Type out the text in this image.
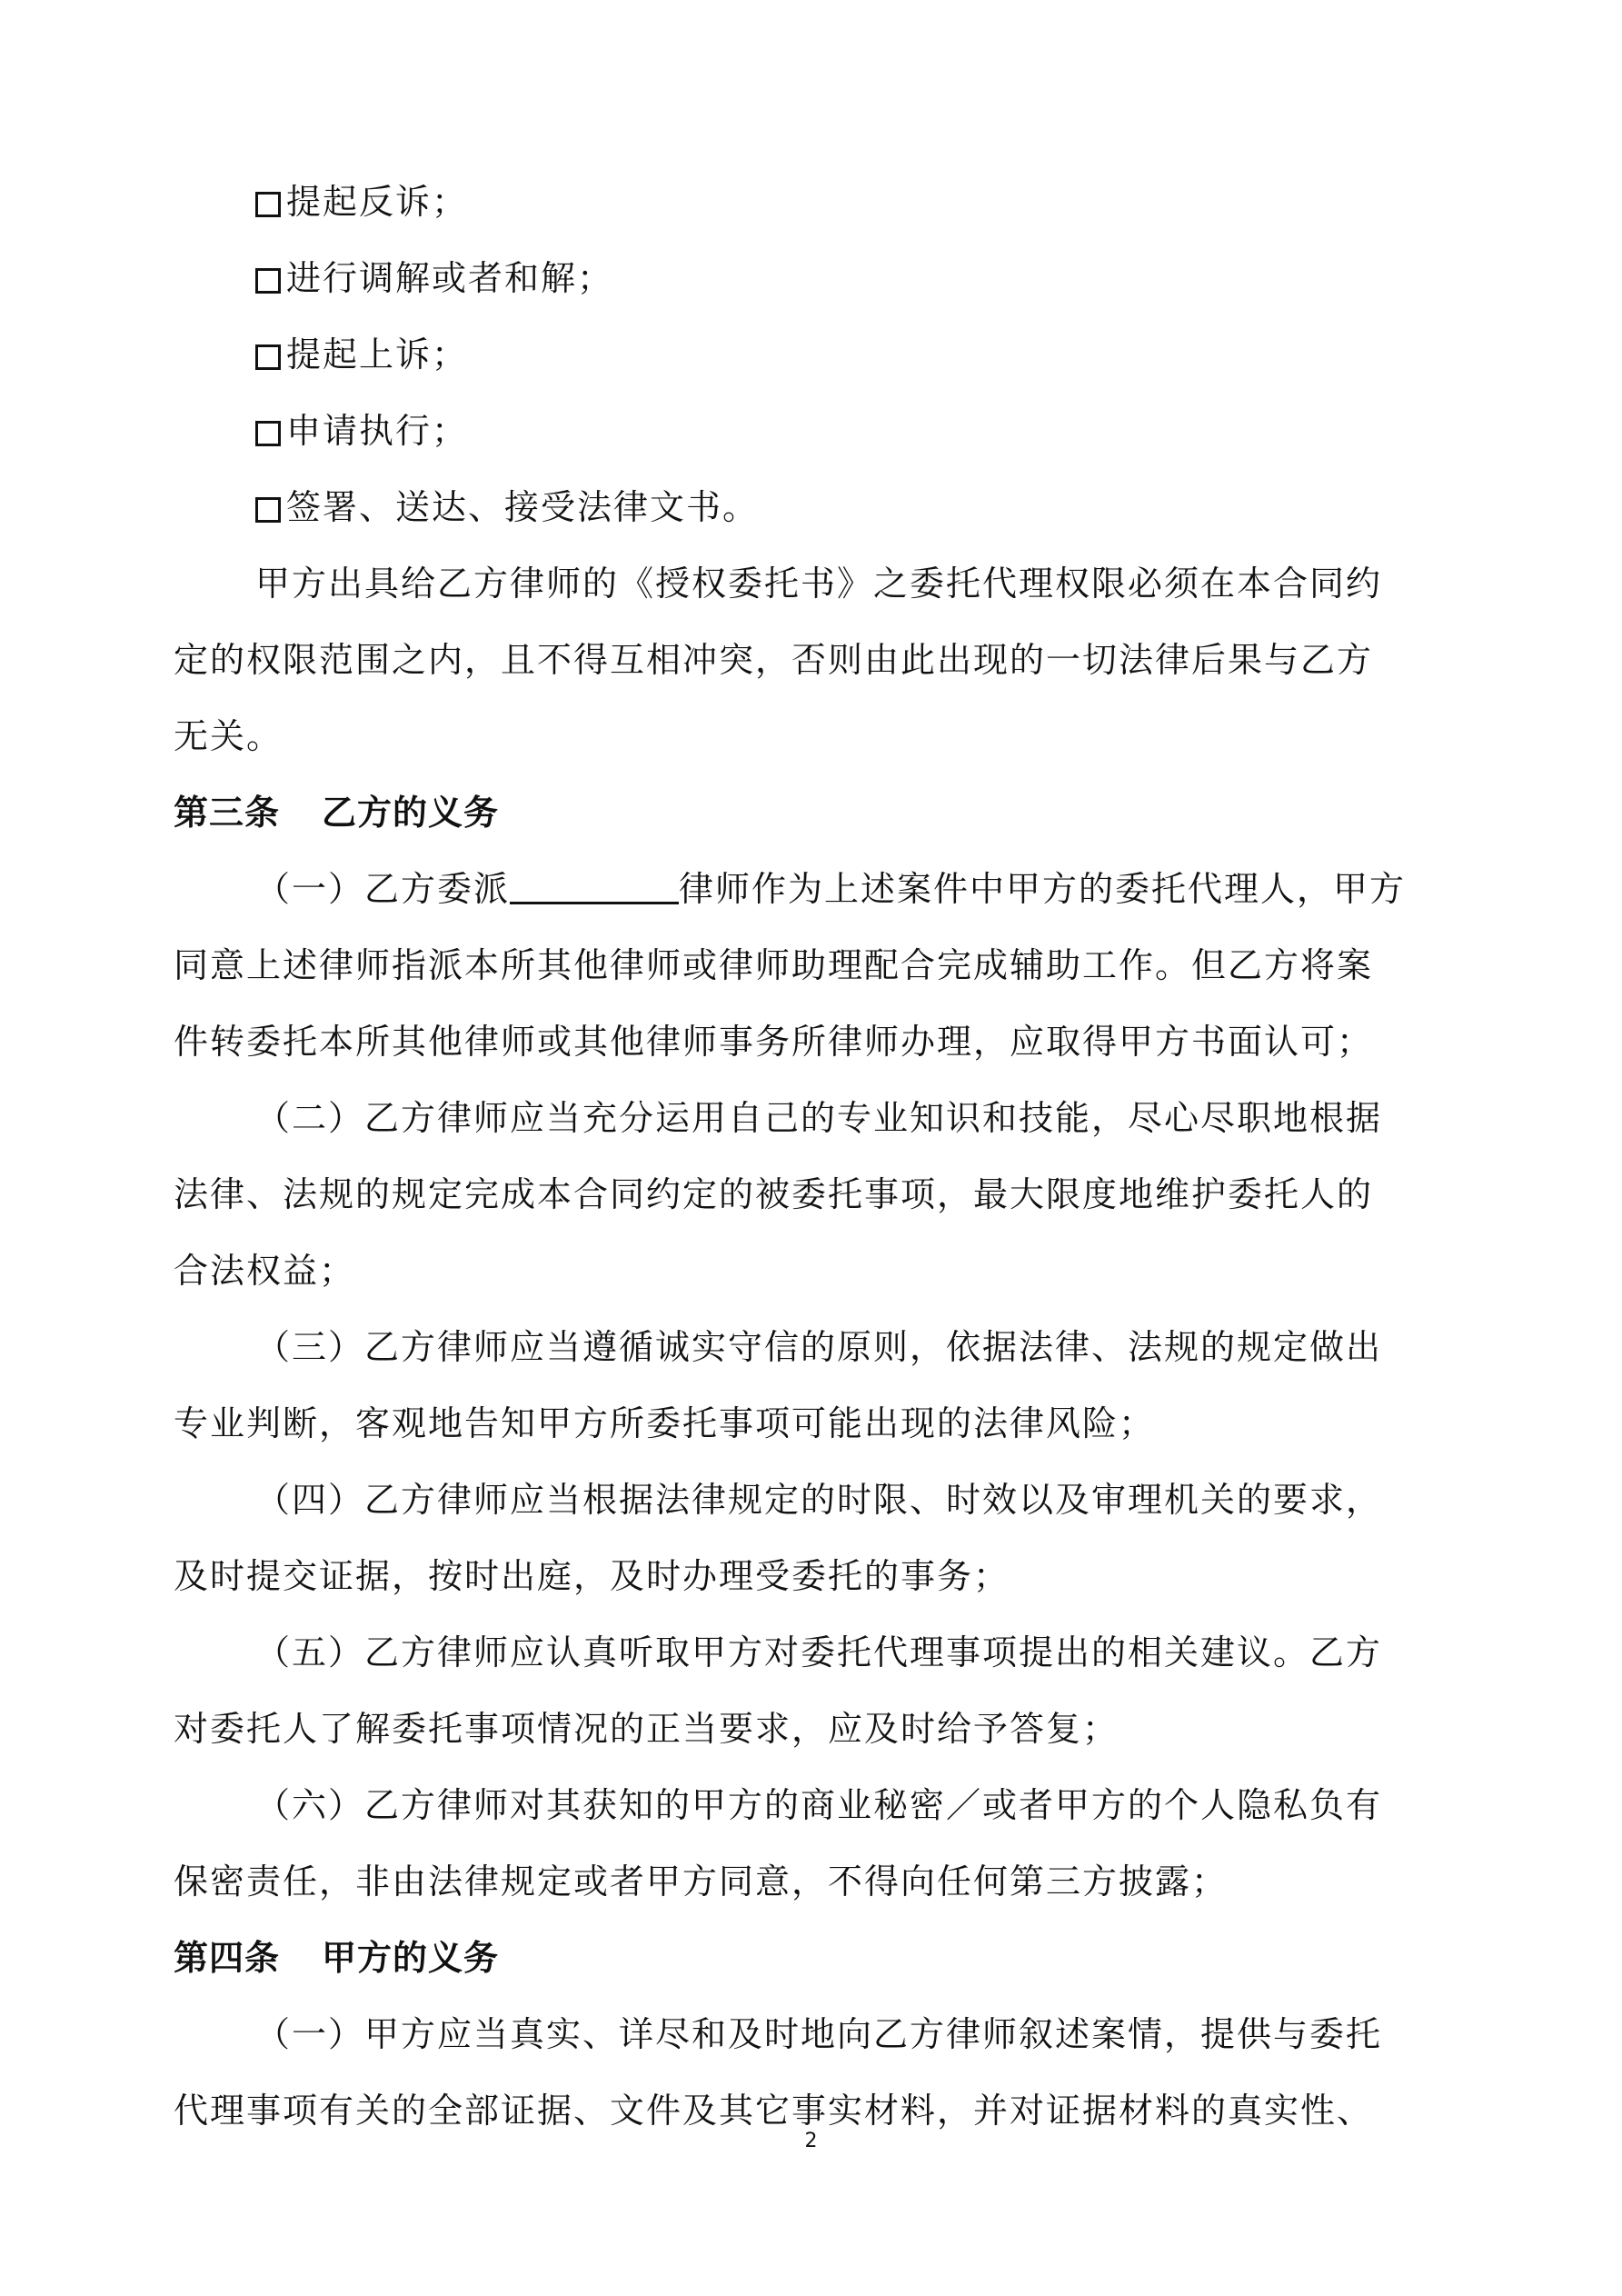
提起反诉；
进行调解或者和解；
提起上诉；
申请执行；
签署、送达、接受法律文书。
甲方出具给乙方律师的《授权委托书》之委托代理权限必须在本合同约
定的权限范围之内，且不得互相冲突，否则由此出现的一切法律后果与乙方
无关。
第三条 乙方的义务
（一）乙方委派	律师作为上述案件中甲方的委托代理人，甲方
同意上述律师指派本所其他律师或律师助理配合完成辅助工作。但乙方将案
件转委托本所其他律师或其他律师事务所律师办理，应取得甲方书面认可；
（二）乙方律师应当充分运用自己的专业知识和技能，尽心尽职地根据
法律、法规的规定完成本合同约定的被委托事项，最大限度地维护委托人的
合法权益；
（三）乙方律师应当遵循诚实守信的原则，依据法律、法规的规定做出
专业判断，客观地告知甲方所委托事项可能出现的法律风险；
（四）乙方律师应当根据法律规定的时限、时效以及审理机关的要求，
及时提交证据，按时出庭，及时办理受委托的事务；
（五）乙方律师应认真听取甲方对委托代理事项提出的相关建议。乙方
对委托人了解委托事项情况的正当要求，应及时给予答复；
（六）乙方律师对其获知的甲方的商业秘密／或者甲方的个人隐私负有
保密责任，非由法律规定或者甲方同意，不得向任何第三方披露；
第四条 甲方的义务
（一）甲方应当真实、详尽和及时地向乙方律师叙述案情，提供与委托
代理事项有关的全部证据、文件及其它事实材料，并对证据材料的真实性、
2
